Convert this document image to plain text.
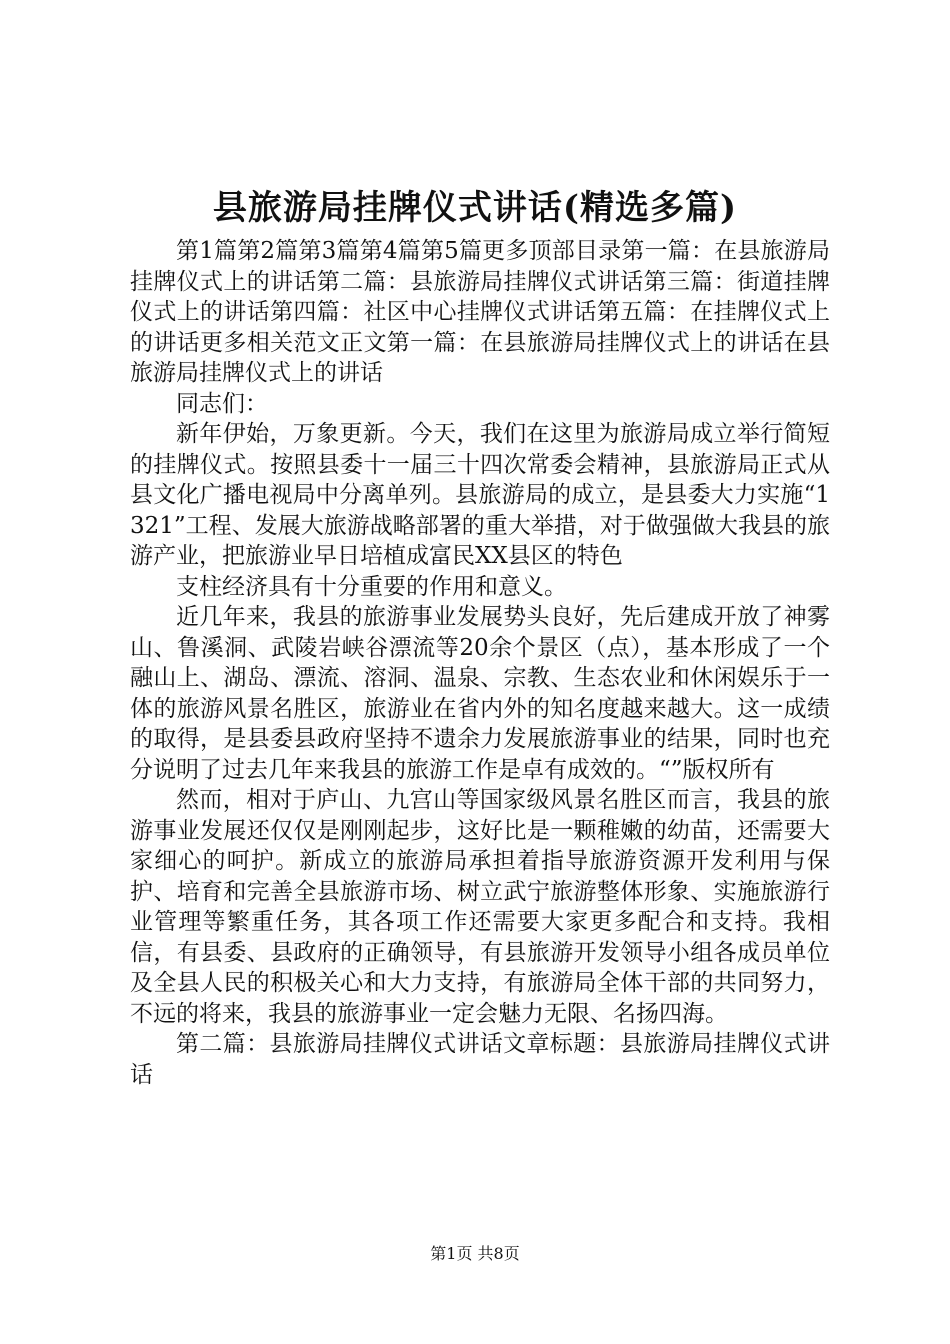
县旅游局挂牌仪式讲话(精选多篇)

第1篇第2篇第3篇第4篇第5篇更多顶部目录第一篇：在县旅游局挂牌仪式上的讲话第二篇：县旅游局挂牌仪式讲话第三篇：街道挂牌仪式上的讲话第四篇：社区中心挂牌仪式讲话第五篇：在挂牌仪式上的讲话更多相关范文正文第一篇：在县旅游局挂牌仪式上的讲话在县旅游局挂牌仪式上的讲话

同志们：

新年伊始，万象更新。今天，我们在这里为旅游局成立举行简短的挂牌仪式。按照县委十一届三十四次常委会精神，县旅游局正式从县文化广播电视局中分离单列。县旅游局的成立，是县委大力实施“1321”工程、发展大旅游战略部署的重大举措，对于做强做大我县的旅游产业，把旅游业早日培植成富民XX县区的特色

支柱经济具有十分重要的作用和意义。

近几年来，我县的旅游事业发展势头良好，先后建成开放了神雾山、鲁溪洞、武陵岩峡谷漂流等20余个景区（点），基本形成了一个融山上、湖岛、漂流、溶洞、温泉、宗教、生态农业和休闲娱乐于一体的旅游风景名胜区，旅游业在省内外的知名度越来越大。这一成绩的取得，是县委县政府坚持不遗余力发展旅游事业的结果，同时也充分说明了过去几年来我县的旅游工作是卓有成效的。“”版权所有

然而，相对于庐山、九宫山等国家级风景名胜区而言，我县的旅游事业发展还仅仅是刚刚起步，这好比是一颗稚嫩的幼苗，还需要大家细心的呵护。新成立的旅游局承担着指导旅游资源开发利用与保护、培育和完善全县旅游市场、树立武宁旅游整体形象、实施旅游行业管理等繁重任务，其各项工作还需要大家更多配合和支持。我相信，有县委、县政府的正确领导，有县旅游开发领导小组各成员单位及全县人民的积极关心和大力支持，有旅游局全体干部的共同努力，不远的将来，我县的旅游事业一定会魅力无限、名扬四海。

第二篇：县旅游局挂牌仪式讲话文章标题：县旅游局挂牌仪式讲话

第1页 共8页
